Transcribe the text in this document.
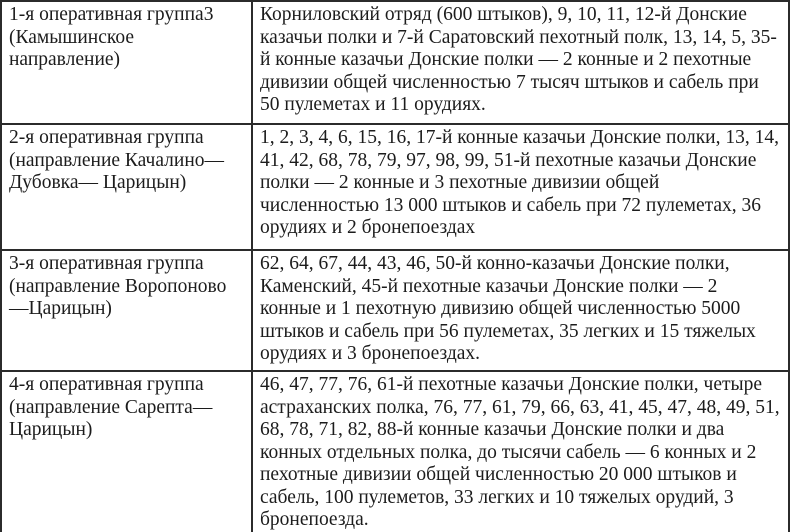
1-я оперативная группа3 (Камышинское направление)	Корниловский отряд (600 штыков), 9, 10, 11, 12-й Донские казачьи полки и 7-й Саратовский пехотный полк, 13, 14, 5, 35-й конные казачьи Донские полки — 2 конные и 2 пехотные дивизии общей численностью 7 тысяч штыков и сабель при 50 пулеметах и 11 орудиях.
2-я оперативная группа (направление Качалино— Дубовка— Царицын)	1, 2, 3, 4, 6, 15, 16, 17-й конные казачьи Донские полки, 13, 14, 41, 42, 68, 78, 79, 97, 98, 99, 51-й пехотные казачьи Донские полки — 2 конные и 3 пехотные дивизии общей численностью 13 000 штыков и сабель при 72 пулеметах, 36 орудиях и 2 бронепоездах
3-я оперативная группа (направление Воропоново—Царицын)	62, 64, 67, 44, 43, 46, 50-й конно-казачьи Донские полки, Каменский, 45-й пехотные казачьи Донские полки — 2 конные и 1 пехотную дивизию общей численностью 5000 штыков и сабель при 56 пулеметах, 35 легких и 15 тяжелых орудиях и 3 бронепоездах.
4-я оперативная группа (направление Сарепта— Царицын)	46, 47, 77, 76, 61-й пехотные казачьи Донские полки, четыре астраханских полка, 76, 77, 61, 79, 66, 63, 41, 45, 47, 48, 49, 51, 68, 78, 71, 82, 88-й конные казачьи Донские полки и два конных отдельных полка, до тысячи сабель — 6 конных и 2 пехотные дивизии общей численностью 20 000 штыков и сабель, 100 пулеметов, 33 легких и 10 тяжелых орудий, 3 бронепоезда.
